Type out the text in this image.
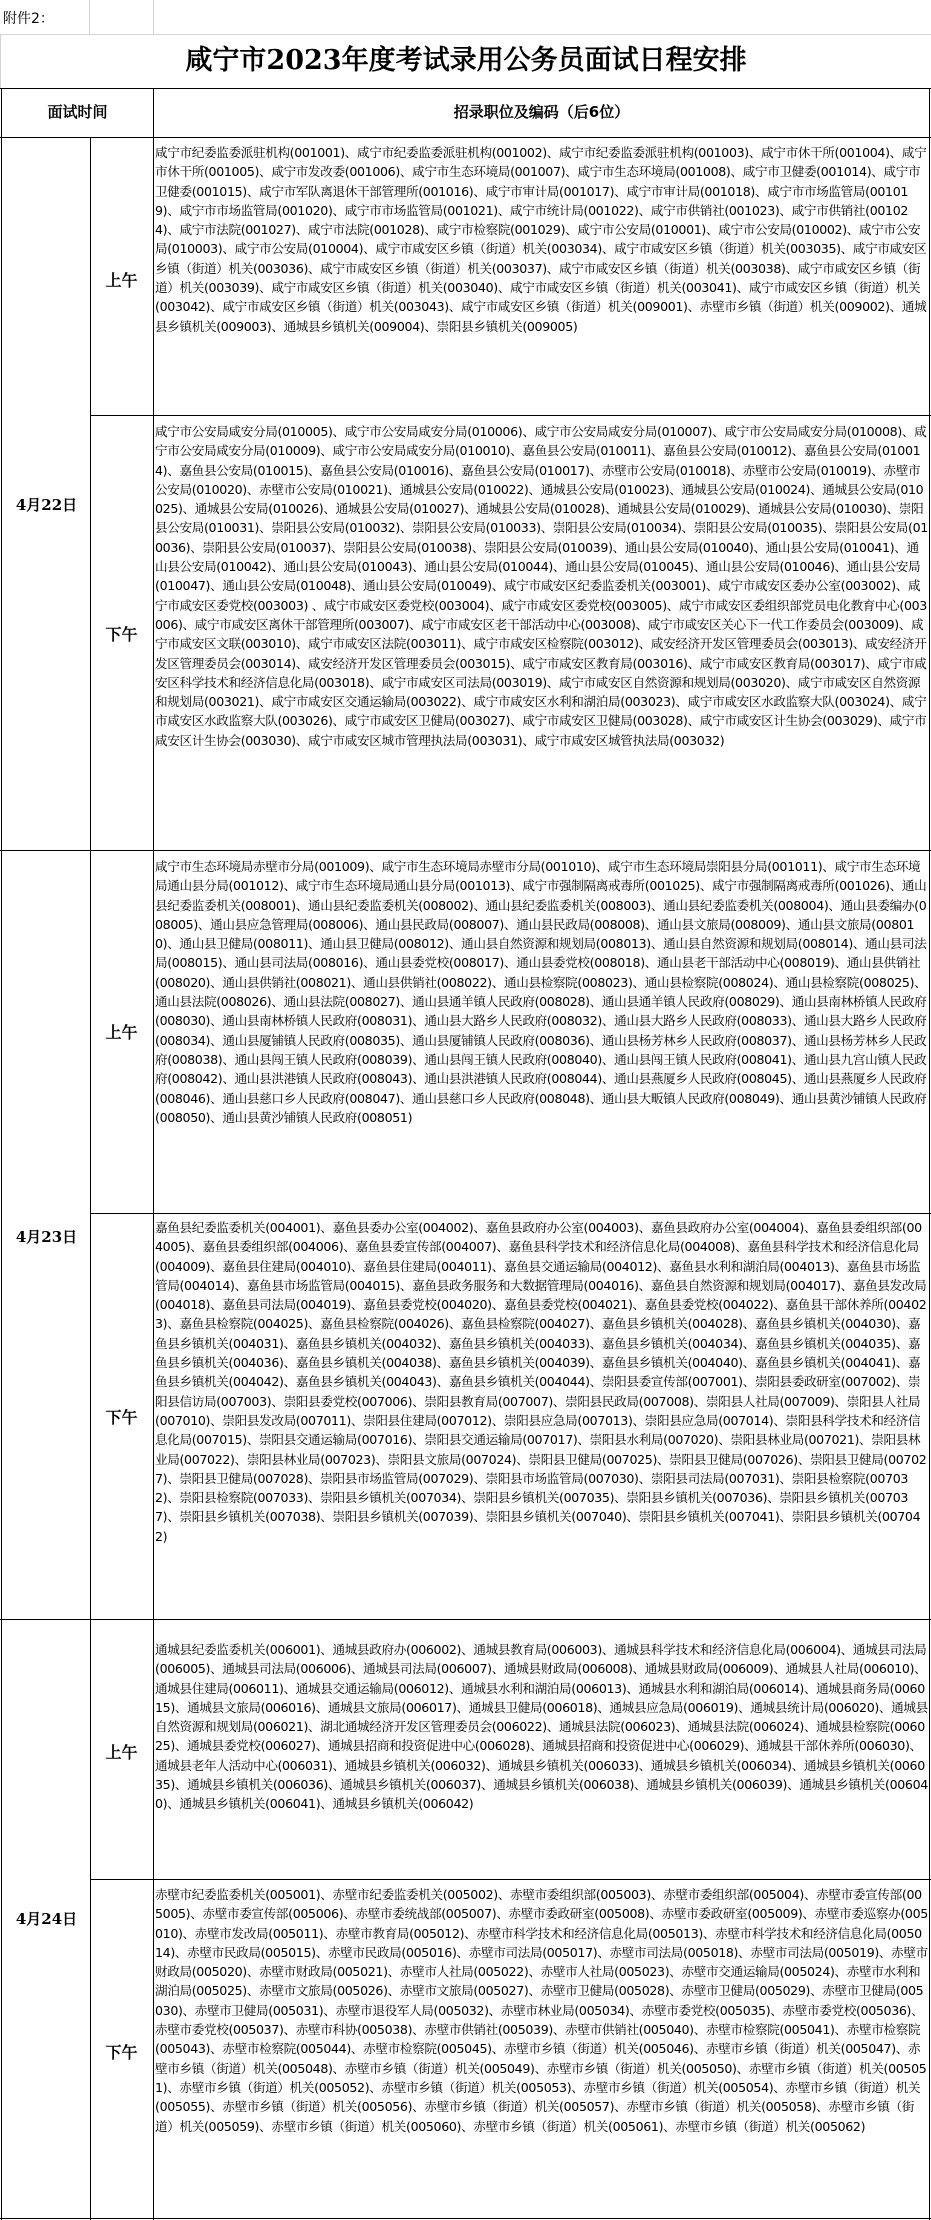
附件2：
咸宁市2023年度考试录用公务员面试日程安排
面试时间	招录职位及编码（后6位）
4月22日
上午
咸宁市纪委监委派驻机构(001001)、咸宁市纪委监委派驻机构(001002)、咸宁市纪委监委派驻机构(001003)、咸宁市休干所(001004)、咸宁市休干所(001005)、咸宁市发改委(001006)、咸宁市生态环境局(001007)、咸宁市生态环境局(001008)、咸宁市卫健委(001014)、咸宁市卫健委(001015)、咸宁市军队离退休干部管理所(001016)、咸宁市审计局(001017)、咸宁市审计局(001018)、咸宁市市场监管局(001019)、咸宁市市场监管局(001020)、咸宁市市场监管局(001021)、咸宁市统计局(001022)、咸宁市供销社(001023)、咸宁市供销社(001024)、咸宁市法院(001027)、咸宁市法院(001028)、咸宁市检察院(001029)、咸宁市公安局(010001)、咸宁市公安局(010002)、咸宁市公安局(010003)、咸宁市公安局(010004)、咸宁市咸安区乡镇（街道）机关(003034)、咸宁市咸安区乡镇（街道）机关(003035)、咸宁市咸安区乡镇（街道）机关(003036)、咸宁市咸安区乡镇（街道）机关(003037)、咸宁市咸安区乡镇（街道）机关(003038)、咸宁市咸安区乡镇（街道）机关(003039)、咸宁市咸安区乡镇（街道）机关(003040)、咸宁市咸安区乡镇（街道）机关(003041)、咸宁市咸安区乡镇（街道）机关(003042)、咸宁市咸安区乡镇（街道）机关(003043)、咸宁市咸安区乡镇（街道）机关(009001)、赤壁市乡镇（街道）机关(009002)、通城县乡镇机关(009003)、通城县乡镇机关(009004)、崇阳县乡镇机关(009005)
下午
咸宁市公安局咸安分局(010005)、咸宁市公安局咸安分局(010006)、咸宁市公安局咸安分局(010007)、咸宁市公安局咸安分局(010008)、咸宁市公安局咸安分局(010009)、咸宁市公安局咸安分局(010010)、嘉鱼县公安局(010011)、嘉鱼县公安局(010012)、嘉鱼县公安局(010014)、嘉鱼县公安局(010015)、嘉鱼县公安局(010016)、嘉鱼县公安局(010017)、赤壁市公安局(010018)、赤壁市公安局(010019)、赤壁市公安局(010020)、赤壁市公安局(010021)、通城县公安局(010022)、通城县公安局(010023)、通城县公安局(010024)、通城县公安局(010025)、通城县公安局(010026)、通城县公安局(010027)、通城县公安局(010028)、通城县公安局(010029)、通城县公安局(010030)、崇阳县公安局(010031)、崇阳县公安局(010032)、崇阳县公安局(010033)、崇阳县公安局(010034)、崇阳县公安局(010035)、崇阳县公安局(010036)、崇阳县公安局(010037)、崇阳县公安局(010038)、崇阳县公安局(010039)、通山县公安局(010040)、通山县公安局(010041)、通山县公安局(010042)、通山县公安局(010043)、通山县公安局(010044)、通山县公安局(010045)、通山县公安局(010046)、通山县公安局(010047)、通山县公安局(010048)、通山县公安局(010049)、咸宁市咸安区纪委监委机关(003001)、咸宁市咸安区委办公室(003002)、咸宁市咸安区委党校(003003) 、咸宁市咸安区委党校(003004)、咸宁市咸安区委党校(003005)、咸宁市咸安区委组织部党员电化教育中心(003006)、咸宁市咸安区离休干部管理所(003007)、咸宁市咸安区老干部活动中心(003008)、咸宁市咸安区关心下一代工作委员会(003009)、咸宁市咸安区文联(003010)、咸宁市咸安区法院(003011)、咸宁市咸安区检察院(003012)、咸安经济开发区管理委员会(003013)、咸安经济开发区管理委员会(003014)、咸安经济开发区管理委员会(003015)、咸宁市咸安区教育局(003016)、咸宁市咸安区教育局(003017)、咸宁市咸安区科学技术和经济信息化局(003018)、咸宁市咸安区司法局(003019)、咸宁市咸安区自然资源和规划局(003020)、咸宁市咸安区自然资源和规划局(003021)、咸宁市咸安区交通运输局(003022)、咸宁市咸安区水利和湖泊局(003023)、咸宁市咸安区水政监察大队(003024)、咸宁市咸安区水政监察大队(003026)、咸宁市咸安区卫健局(003027)、咸宁市咸安区卫健局(003028)、咸宁市咸安区计生协会(003029)、咸宁市咸安区计生协会(003030)、咸宁市咸安区城市管理执法局(003031)、咸宁市咸安区城管执法局(003032)
4月23日
上午
咸宁市生态环境局赤壁市分局(001009)、咸宁市生态环境局赤壁市分局(001010)、咸宁市生态环境局崇阳县分局(001011)、咸宁市生态环境局通山县分局(001012)、咸宁市生态环境局通山县分局(001013)、咸宁市强制隔离戒毒所(001025)、咸宁市强制隔离戒毒所(001026)、通山县纪委监委机关(008001)、通山县纪委监委机关(008002)、通山县纪委监委机关(008003)、通山县纪委监委机关(008004)、通山县委编办(008005)、通山县应急管理局(008006)、通山县民政局(008007)、通山县民政局(008008)、通山县文旅局(008009)、通山县文旅局(008010)、通山县卫健局(008011)、通山县卫健局(008012)、通山县自然资源和规划局(008013)、通山县自然资源和规划局(008014)、通山县司法局(008015)、通山县司法局(008016)、通山县委党校(008017)、通山县委党校(008018)、通山县老干部活动中心(008019)、通山县供销社(008020)、通山县供销社(008021)、通山县供销社(008022)、通山县检察院(008023)、通山县检察院(008024)、通山县检察院(008025)、通山县法院(008026)、通山县法院(008027)、通山县通羊镇人民政府(008028)、通山县通羊镇人民政府(008029)、通山县南林桥镇人民政府(008030)、通山县南林桥镇人民政府(008031)、通山县大路乡人民政府(008032)、通山县大路乡人民政府(008033)、通山县大路乡人民政府(008034)、通山县厦铺镇人民政府(008035)、通山县厦铺镇人民政府(008036)、通山县杨芳林乡人民政府(008037)、通山县杨芳林乡人民政府(008038)、通山县闯王镇人民政府(008039)、通山县闯王镇人民政府(008040)、通山县闯王镇人民政府(008041)、通山县九宫山镇人民政府(008042)、通山县洪港镇人民政府(008043)、通山县洪港镇人民政府(008044)、通山县燕厦乡人民政府(008045)、通山县燕厦乡人民政府(008046)、通山县慈口乡人民政府(008047)、通山县慈口乡人民政府(008048)、通山县大畈镇人民政府(008049)、通山县黄沙铺镇人民政府(008050)、通山县黄沙铺镇人民政府(008051)
下午
嘉鱼县纪委监委机关(004001)、嘉鱼县委办公室(004002)、嘉鱼县政府办公室(004003)、嘉鱼县政府办公室(004004)、嘉鱼县委组织部(004005)、嘉鱼县委组织部(004006)、嘉鱼县委宣传部(004007)、嘉鱼县科学技术和经济信息化局(004008)、嘉鱼县科学技术和经济信息化局(004009)、嘉鱼县住建局(004010)、嘉鱼县住建局(004011)、嘉鱼县交通运输局(004012)、嘉鱼县水利和湖泊局(004013)、嘉鱼县市场监管局(004014)、嘉鱼县市场监管局(004015)、嘉鱼县政务服务和大数据管理局(004016)、嘉鱼县自然资源和规划局(004017)、嘉鱼县发改局(004018)、嘉鱼县司法局(004019)、嘉鱼县委党校(004020)、嘉鱼县委党校(004021)、嘉鱼县委党校(004022)、嘉鱼县干部休养所(004023)、嘉鱼县检察院(004025)、嘉鱼县检察院(004026)、嘉鱼县检察院(004027)、嘉鱼县乡镇机关(004028)、嘉鱼县乡镇机关(004030)、嘉鱼县乡镇机关(004031)、嘉鱼县乡镇机关(004032)、嘉鱼县乡镇机关(004033)、嘉鱼县乡镇机关(004034)、嘉鱼县乡镇机关(004035)、嘉鱼县乡镇机关(004036)、嘉鱼县乡镇机关(004038)、嘉鱼县乡镇机关(004039)、嘉鱼县乡镇机关(004040)、嘉鱼县乡镇机关(004041)、嘉鱼县乡镇机关(004042)、嘉鱼县乡镇机关(004043)、嘉鱼县乡镇机关(004044)、崇阳县委宣传部(007001)、崇阳县委政研室(007002)、崇阳县信访局(007003)、崇阳县委党校(007006)、崇阳县教育局(007007)、崇阳县民政局(007008)、崇阳县人社局(007009)、崇阳县人社局(007010)、崇阳县发改局(007011)、崇阳县住建局(007012)、崇阳县应急局(007013)、崇阳县应急局(007014)、崇阳县科学技术和经济信息化局(007015)、崇阳县交通运输局(007016)、崇阳县交通运输局(007017)、崇阳县水利局(007020)、崇阳县林业局(007021)、崇阳县林业局(007022)、崇阳县林业局(007023)、崇阳县文旅局(007024)、崇阳县卫健局(007025)、崇阳县卫健局(007026)、崇阳县卫健局(007027)、崇阳县卫健局(007028)、崇阳县市场监管局(007029)、崇阳县市场监管局(007030)、崇阳县司法局(007031)、崇阳县检察院(007032)、崇阳县检察院(007033)、崇阳县乡镇机关(007034)、崇阳县乡镇机关(007035)、崇阳县乡镇机关(007036)、崇阳县乡镇机关(007037)、崇阳县乡镇机关(007038)、崇阳县乡镇机关(007039)、崇阳县乡镇机关(007040)、崇阳县乡镇机关(007041)、崇阳县乡镇机关(007042)
4月24日
上午
通城县纪委监委机关(006001)、通城县政府办(006002)、通城县教育局(006003)、通城县科学技术和经济信息化局(006004)、通城县司法局(006005)、通城县司法局(006006)、通城县司法局(006007)、通城县财政局(006008)、通城县财政局(006009)、通城县人社局(006010)、通城县住建局(006011)、通城县交通运输局(006012)、通城县水利和湖泊局(006013)、通城县水利和湖泊局(006014)、通城县商务局(006015)、通城县文旅局(006016)、通城县文旅局(006017)、通城县卫健局(006018)、通城县应急局(006019)、通城县统计局(006020)、通城县自然资源和规划局(006021)、湖北通城经济开发区管理委员会(006022)、通城县法院(006023)、通城县法院(006024)、通城县检察院(006025)、通城县委党校(006027)、通城县招商和投资促进中心(006028)、通城县招商和投资促进中心(006029)、通城县干部休养所(006030)、通城县老年人活动中心(006031)、通城县乡镇机关(006032)、通城县乡镇机关(006033)、通城县乡镇机关(006034)、通城县乡镇机关(006035)、通城县乡镇机关(006036)、通城县乡镇机关(006037)、通城县乡镇机关(006038)、通城县乡镇机关(006039)、通城县乡镇机关(006040)、通城县乡镇机关(006041)、通城县乡镇机关(006042)
下午
赤壁市纪委监委机关(005001)、赤壁市纪委监委机关(005002)、赤壁市委组织部(005003)、赤壁市委组织部(005004)、赤壁市委宣传部(005005)、赤壁市委宣传部(005006)、赤壁市委统战部(005007)、赤壁市委政研室(005008)、赤壁市委政研室(005009)、赤壁市委巡察办(005010)、赤壁市发改局(005011)、赤壁市教育局(005012)、赤壁市科学技术和经济信息化局(005013)、赤壁市科学技术和经济信息化局(005014)、赤壁市民政局(005015)、赤壁市民政局(005016)、赤壁市司法局(005017)、赤壁市司法局(005018)、赤壁市司法局(005019)、赤壁市财政局(005020)、赤壁市财政局(005021)、赤壁市人社局(005022)、赤壁市人社局(005023)、赤壁市交通运输局(005024)、赤壁市水利和湖泊局(005025)、赤壁市文旅局(005026)、赤壁市文旅局(005027)、赤壁市卫健局(005028)、赤壁市卫健局(005029)、赤壁市卫健局(005030)、赤壁市卫健局(005031)、赤壁市退役军人局(005032)、赤壁市林业局(005034)、赤壁市委党校(005035)、赤壁市委党校(005036)、赤壁市委党校(005037)、赤壁市科协(005038)、赤壁市供销社(005039)、赤壁市供销社(005040)、赤壁市检察院(005041)、赤壁市检察院(005043)、赤壁市检察院(005044)、赤壁市检察院(005045)、赤壁市乡镇（街道）机关(005046)、赤壁市乡镇（街道）机关(005047)、赤壁市乡镇（街道）机关(005048)、赤壁市乡镇（街道）机关(005049)、赤壁市乡镇（街道）机关(005050)、赤壁市乡镇（街道）机关(005051)、赤壁市乡镇（街道）机关(005052)、赤壁市乡镇（街道）机关(005053)、赤壁市乡镇（街道）机关(005054)、赤壁市乡镇（街道）机关(005055)、赤壁市乡镇（街道）机关(005056)、赤壁市乡镇（街道）机关(005057)、赤壁市乡镇（街道）机关(005058)、赤壁市乡镇（街道）机关(005059)、赤壁市乡镇（街道）机关(005060)、赤壁市乡镇（街道）机关(005061)、赤壁市乡镇（街道）机关(005062)
